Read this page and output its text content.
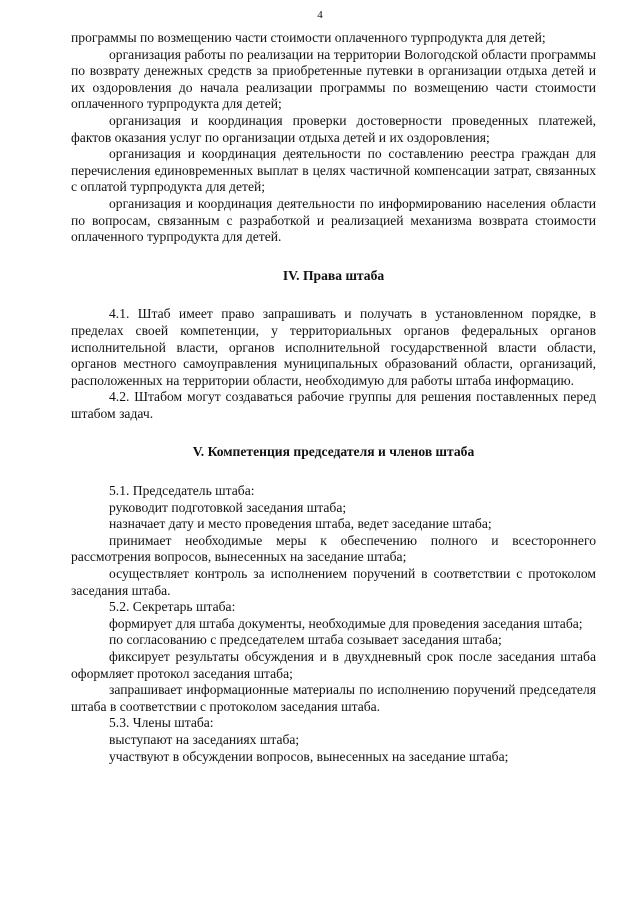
4

программы по возмещению части стоимости оплаченного турпродукта для детей;

организация работы по реализации на территории Вологодской области программы по возврату денежных средств за приобретенные путевки в организации отдыха детей и их оздоровления до начала реализации программы по возмещению части стоимости оплаченного турпродукта для детей;

организация и координация проверки достоверности проведенных платежей, фактов оказания услуг по организации отдыха детей и их оздоровления;

организация и координация деятельности по составлению реестра граждан для перечисления единовременных выплат в целях частичной компенсации затрат, связанных с оплатой турпродукта для детей;

организация и координация деятельности по информированию населения области по вопросам, связанным с разработкой и реализацией механизма возврата стоимости оплаченного турпродукта для детей.

IV. Права штаба

4.1. Штаб имеет право запрашивать и получать в установленном порядке, в пределах своей компетенции, у территориальных органов федеральных органов исполнительной власти, органов исполнительной государственной власти области, органов местного самоуправления муниципальных образований области, организаций, расположенных на территории области, необходимую для работы штаба информацию.

4.2. Штабом могут создаваться рабочие группы для решения поставленных перед штабом задач.

V. Компетенция председателя и членов штаба

5.1. Председатель штаба:

руководит подготовкой заседания штаба;

назначает дату и место проведения штаба, ведет заседание штаба;

принимает необходимые меры к обеспечению полного и всестороннего рассмотрения вопросов, вынесенных на заседание штаба;

осуществляет контроль за исполнением поручений в соответствии с протоколом заседания штаба.

5.2. Секретарь штаба:

формирует для штаба документы, необходимые для проведения заседания штаба;

по согласованию с председателем штаба созывает заседания штаба;

фиксирует результаты обсуждения и в двухдневный срок после заседания штаба оформляет протокол заседания штаба;

запрашивает информационные материалы по исполнению поручений председателя штаба в соответствии с протоколом заседания штаба.

5.3. Члены штаба:

выступают на заседаниях штаба;

участвуют в обсуждении вопросов, вынесенных на заседание штаба;
